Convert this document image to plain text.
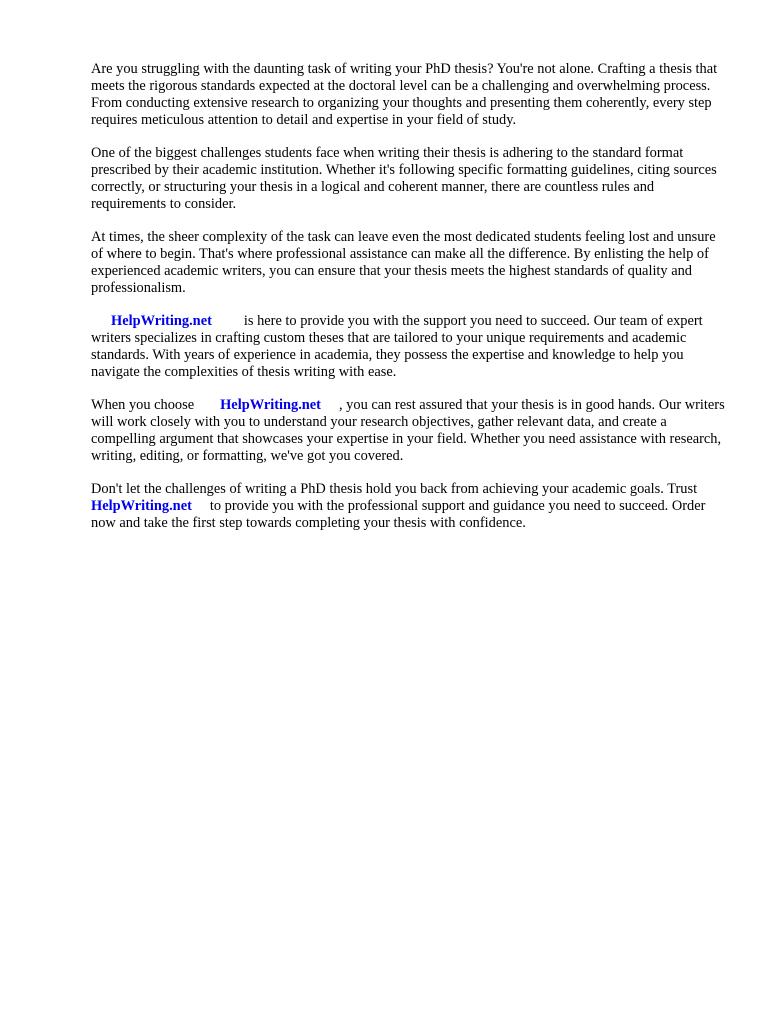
Are you struggling with the daunting task of writing your PhD thesis? You're not alone. Crafting a thesis that meets the rigorous standards expected at the doctoral level can be a challenging and overwhelming process. From conducting extensive research to organizing your thoughts and presenting them coherently, every step requires meticulous attention to detail and expertise in your field of study.

One of the biggest challenges students face when writing their thesis is adhering to the standard format prescribed by their academic institution. Whether it's following specific formatting guidelines, citing sources correctly, or structuring your thesis in a logical and coherent manner, there are countless rules and requirements to consider.

At times, the sheer complexity of the task can leave even the most dedicated students feeling lost and unsure of where to begin. That's where professional assistance can make all the difference. By enlisting the help of experienced academic writers, you can ensure that your thesis meets the highest standards of quality and professionalism.

HelpWriting.net is here to provide you with the support you need to succeed. Our team of expert writers specializes in crafting custom theses that are tailored to your unique requirements and academic standards. With years of experience in academia, they possess the expertise and knowledge to help you navigate the complexities of thesis writing with ease.

When you choose HelpWriting.net , you can rest assured that your thesis is in good hands. Our writers will work closely with you to understand your research objectives, gather relevant data, and create a compelling argument that showcases your expertise in your field. Whether you need assistance with research, writing, editing, or formatting, we've got you covered.

Don't let the challenges of writing a PhD thesis hold you back from achieving your academic goals. TrustHelpWriting.net to provide you with the professional support and guidance you need to succeed. Order now and take the first step towards completing your thesis with confidence.
